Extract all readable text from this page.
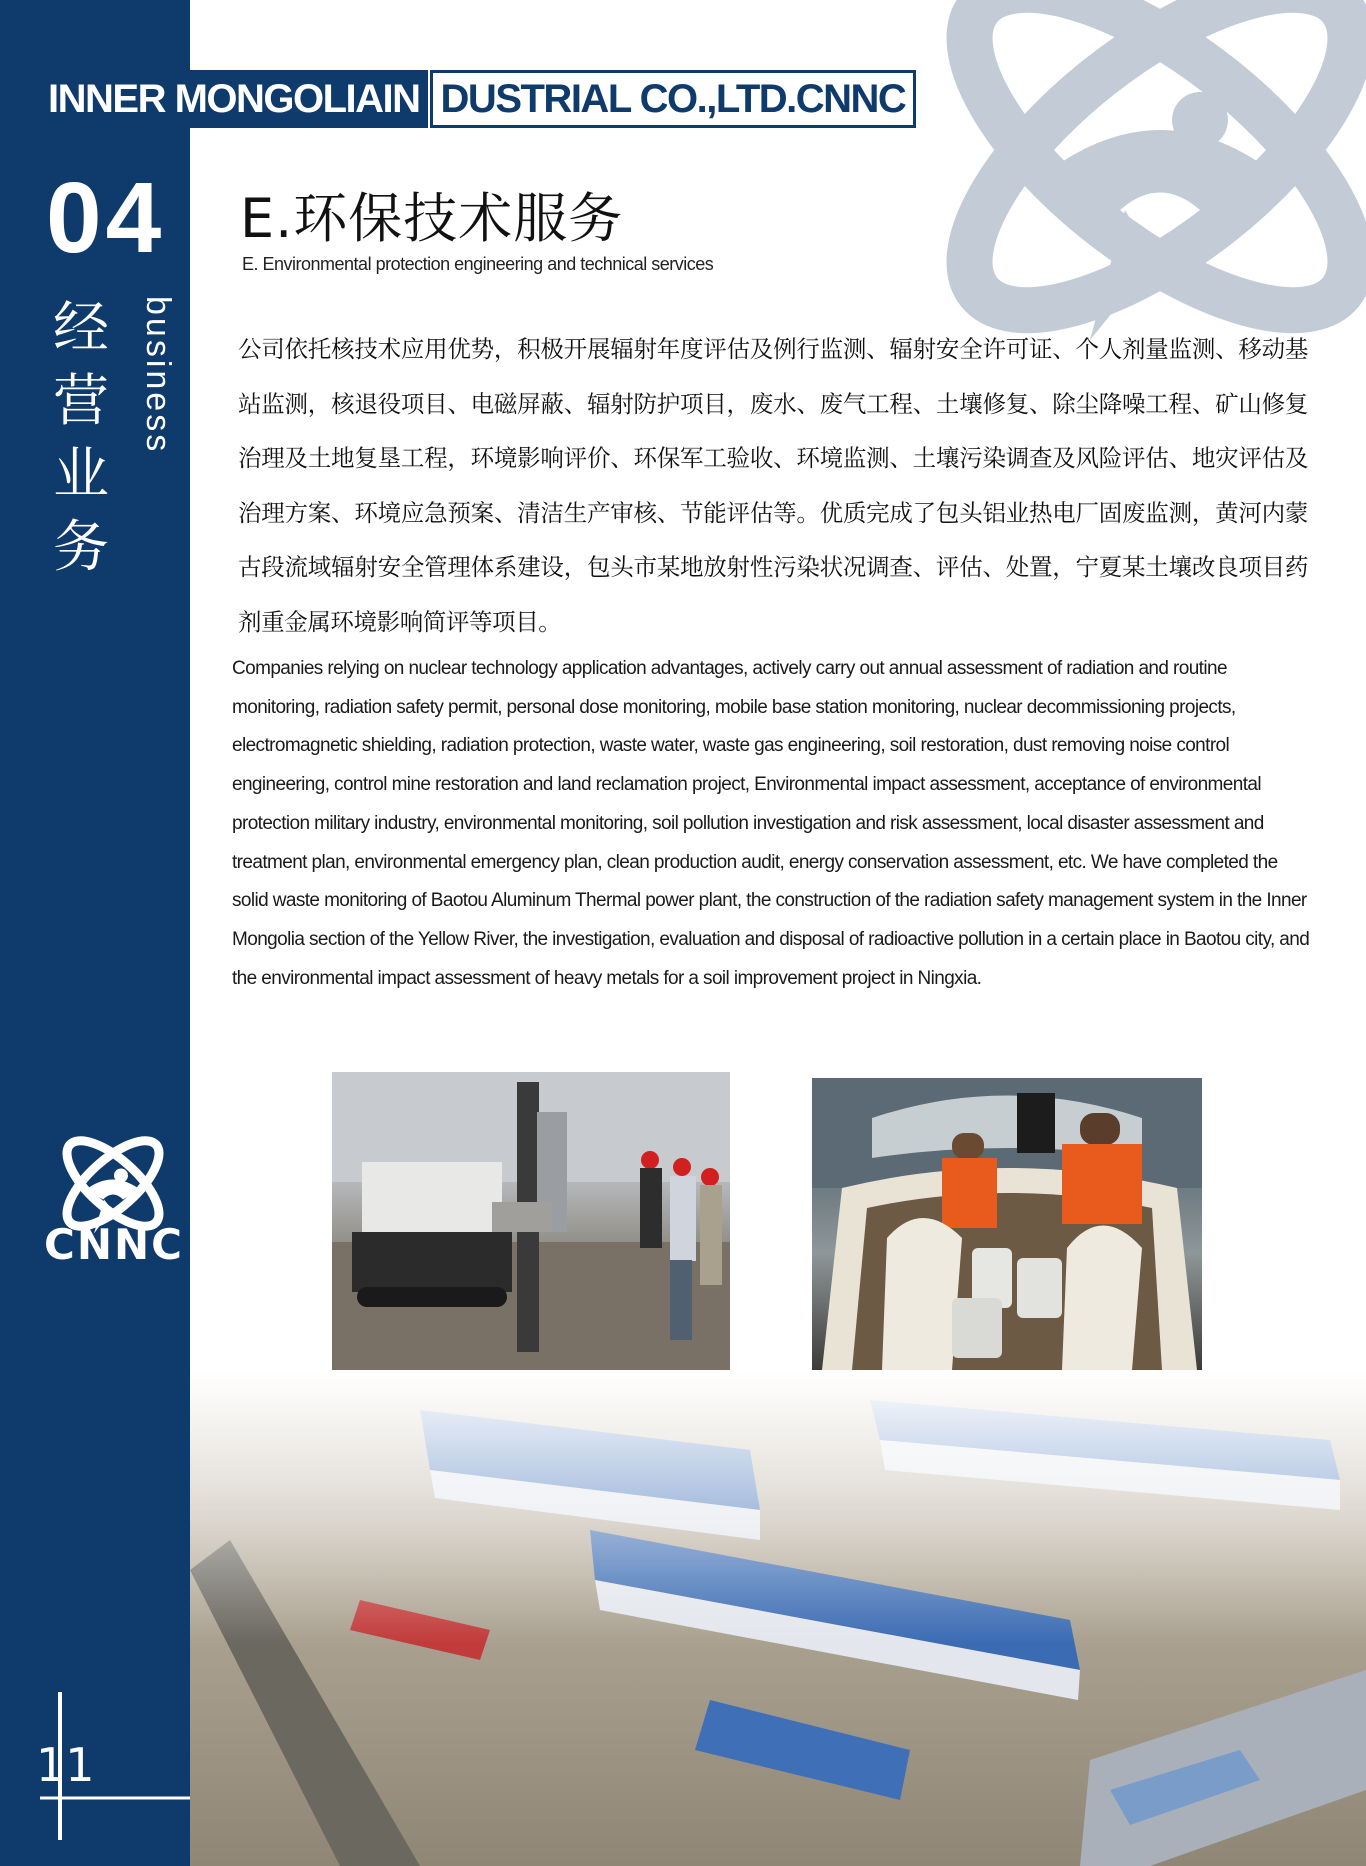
INNER MONGOLIAIN DUSTRIAL CO.,LTD.CNNC
04
经营业务
business
CNNC
11
E.环保技术服务
E. Environmental protection engineering and technical services

公司依托核技术应用优势，积极开展辐射年度评估及例行监测、辐射安全许可证、个人剂量监测、移动基站监测，核退役项目、电磁屏蔽、辐射防护项目，废水、废气工程、土壤修复、除尘降噪工程、矿山修复治理及土地复垦工程，环境影响评价、环保军工验收、环境监测、土壤污染调查及风险评估、地灾评估及治理方案、环境应急预案、清洁生产审核、节能评估等。优质完成了包头铝业热电厂固废监测，黄河内蒙古段流域辐射安全管理体系建设，包头市某地放射性污染状况调查、评估、处置，宁夏某土壤改良项目药剂重金属环境影响简评等项目。

Companies relying on nuclear technology application advantages, actively carry out annual assessment of radiation and routine monitoring, radiation safety permit, personal dose monitoring, mobile base station monitoring, nuclear decommissioning projects, electromagnetic shielding, radiation protection, waste water, waste gas engineering, soil restoration, dust removing noise control engineering, control mine restoration and land reclamation project, Environmental impact assessment, acceptance of environmental protection military industry, environmental monitoring, soil pollution investigation and risk assessment, local disaster assessment and treatment plan, environmental emergency plan, clean production audit, energy conservation assessment, etc. We have completed the solid waste monitoring of Baotou Aluminum Thermal power plant, the construction of the radiation safety management system in the Inner Mongolia section of the Yellow River, the investigation, evaluation and disposal of radioactive pollution in a certain place in Baotou city, and the environmental impact assessment of heavy metals for a soil improvement project in Ningxia.
